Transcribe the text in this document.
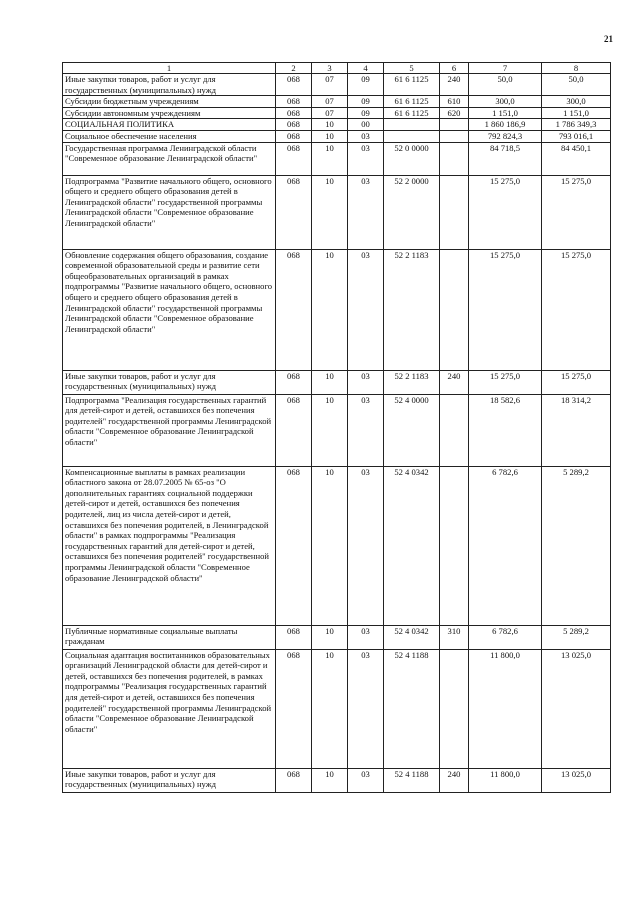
21
1	2	3	4	5	6	7	8
Иные закупки товаров, работ и услуг для государственных (муниципальных) нужд	068	07	09	61 6 1125	240	50,0	50,0
Субсидии бюджетным учреждениям	068	07	09	61 6 1125	610	300,0	300,0
Субсидии автономным учреждениям	068	07	09	61 6 1125	620	1 151,0	1 151,0
СОЦИАЛЬНАЯ ПОЛИТИКА	068	10	00			1 860 186,9	1 786 349,3
Социальное обеспечение населения	068	10	03			792 824,3	793 016,1
Государственная программа Ленинградской области "Современное образование Ленинградской области"	068	10	03	52 0 0000		84 718,5	84 450,1
Подпрограмма "Развитие начального общего, основного общего и среднего общего образования детей в Ленинградской области" государственной программы Ленинградской области "Современное образование Ленинградской области"	068	10	03	52 2 0000		15 275,0	15 275,0
Обновление содержания общего образования, создание современной образовательной среды и развитие сети общеобразовательных организаций в рамках подпрограммы "Развитие начального общего, основного общего и среднего общего образования детей в Ленинградской области" государственной программы Ленинградской области "Современное образование Ленинградской области"	068	10	03	52 2 1183		15 275,0	15 275,0
Иные закупки товаров, работ и услуг для государственных (муниципальных) нужд	068	10	03	52 2 1183	240	15 275,0	15 275,0
Подпрограмма "Реализация государственных гарантий для детей-сирот и детей, оставшихся без попечения родителей" государственной программы Ленинградской области "Современное образование Ленинградской области"	068	10	03	52 4 0000		18 582,6	18 314,2
Компенсационные выплаты в рамках реализации областного закона от 28.07.2005 № 65-оз "О дополнительных гарантиях социальной поддержки детей-сирот и детей, оставшихся без попечения родителей, лиц из числа детей-сирот и детей, оставшихся без попечения родителей, в Ленинградской области" в рамках подпрограммы "Реализация государственных гарантий для детей-сирот и детей, оставшихся без попечения родителей" государственной программы Ленинградской области "Современное образование Ленинградской области"	068	10	03	52 4 0342		6 782,6	5 289,2
Публичные нормативные социальные выплаты гражданам	068	10	03	52 4 0342	310	6 782,6	5 289,2
Социальная адаптация воспитанников образовательных организаций Ленинградской области для детей-сирот и детей, оставшихся без попечения родителей, в рамках подпрограммы "Реализация государственных гарантий для детей-сирот и детей, оставшихся без попечения родителей" государственной программы Ленинградской области "Современное образование Ленинградской области"	068	10	03	52 4 1188		11 800,0	13 025,0
Иные закупки товаров, работ и услуг для государственных (муниципальных) нужд	068	10	03	52 4 1188	240	11 800,0	13 025,0
